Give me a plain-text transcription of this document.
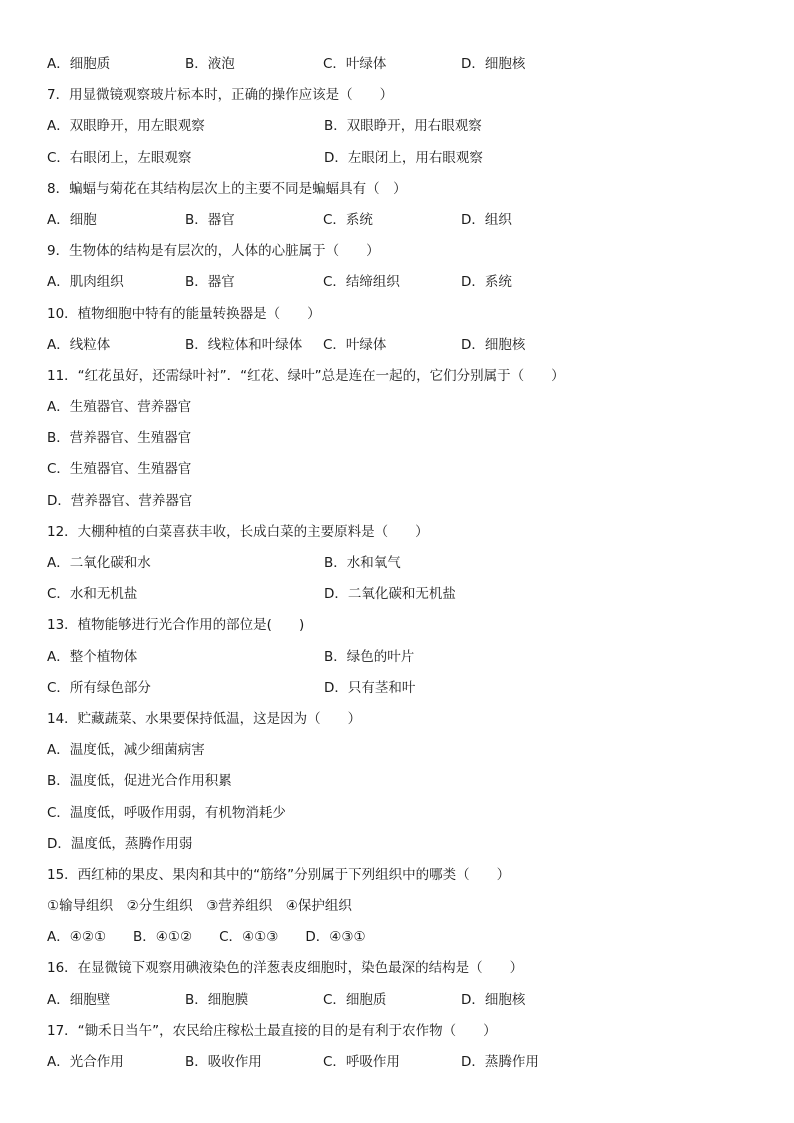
A．细胞质	B．液泡	C．叶绿体	D．细胞核
7．用显微镜观察玻片标本时，正确的操作应该是（　　）
A．双眼睁开，用左眼观察	B．双眼睁开，用右眼观察
C．右眼闭上，左眼观察	D．左眼闭上，用右眼观察
8．蝙蝠与菊花在其结构层次上的主要不同是蝙蝠具有（　）
A．细胞	B．器官	C．系统	D．组织
9．生物体的结构是有层次的，人体的心脏属于（　　）
A．肌肉组织	B．器官	C．结缔组织	D．系统
10．植物细胞中特有的能量转换器是（　　）
A．线粒体	B．线粒体和叶绿体	C．叶绿体	D．细胞核
11．“红花虽好，还需绿叶衬”．“红花、绿叶”总是连在一起的，它们分别属于（　　）
A．生殖器官、营养器官
B．营养器官、生殖器官
C．生殖器官、生殖器官
D．营养器官、营养器官
12．大棚种植的白菜喜获丰收，长成白菜的主要原料是（　　）
A．二氧化碳和水	B．水和氧气
C．水和无机盐	D．二氧化碳和无机盐
13．植物能够进行光合作用的部位是(　　)
A．整个植物体	B．绿色的叶片
C．所有绿色部分	D．只有茎和叶
14．贮藏蔬菜、水果要保持低温，这是因为（　　）
A．温度低，减少细菌病害
B．温度低，促进光合作用积累
C．温度低，呼吸作用弱，有机物消耗少
D．温度低，蒸腾作用弱
15．西红柿的果皮、果肉和其中的“筋络”分别属于下列组织中的哪类（　　）
①输导组织　②分生组织　③营养组织　④保护组织
A．④②①　　B．④①②　　C．④①③　　D．④③①
16．在显微镜下观察用碘液染色的洋葱表皮细胞时，染色最深的结构是（　　）
A．细胞壁	B．细胞膜	C．细胞质	D．细胞核
17．“锄禾日当午”，农民给庄稼松土最直接的目的是有利于农作物（　　）
A．光合作用	B．吸收作用	C．呼吸作用	D．蒸腾作用
